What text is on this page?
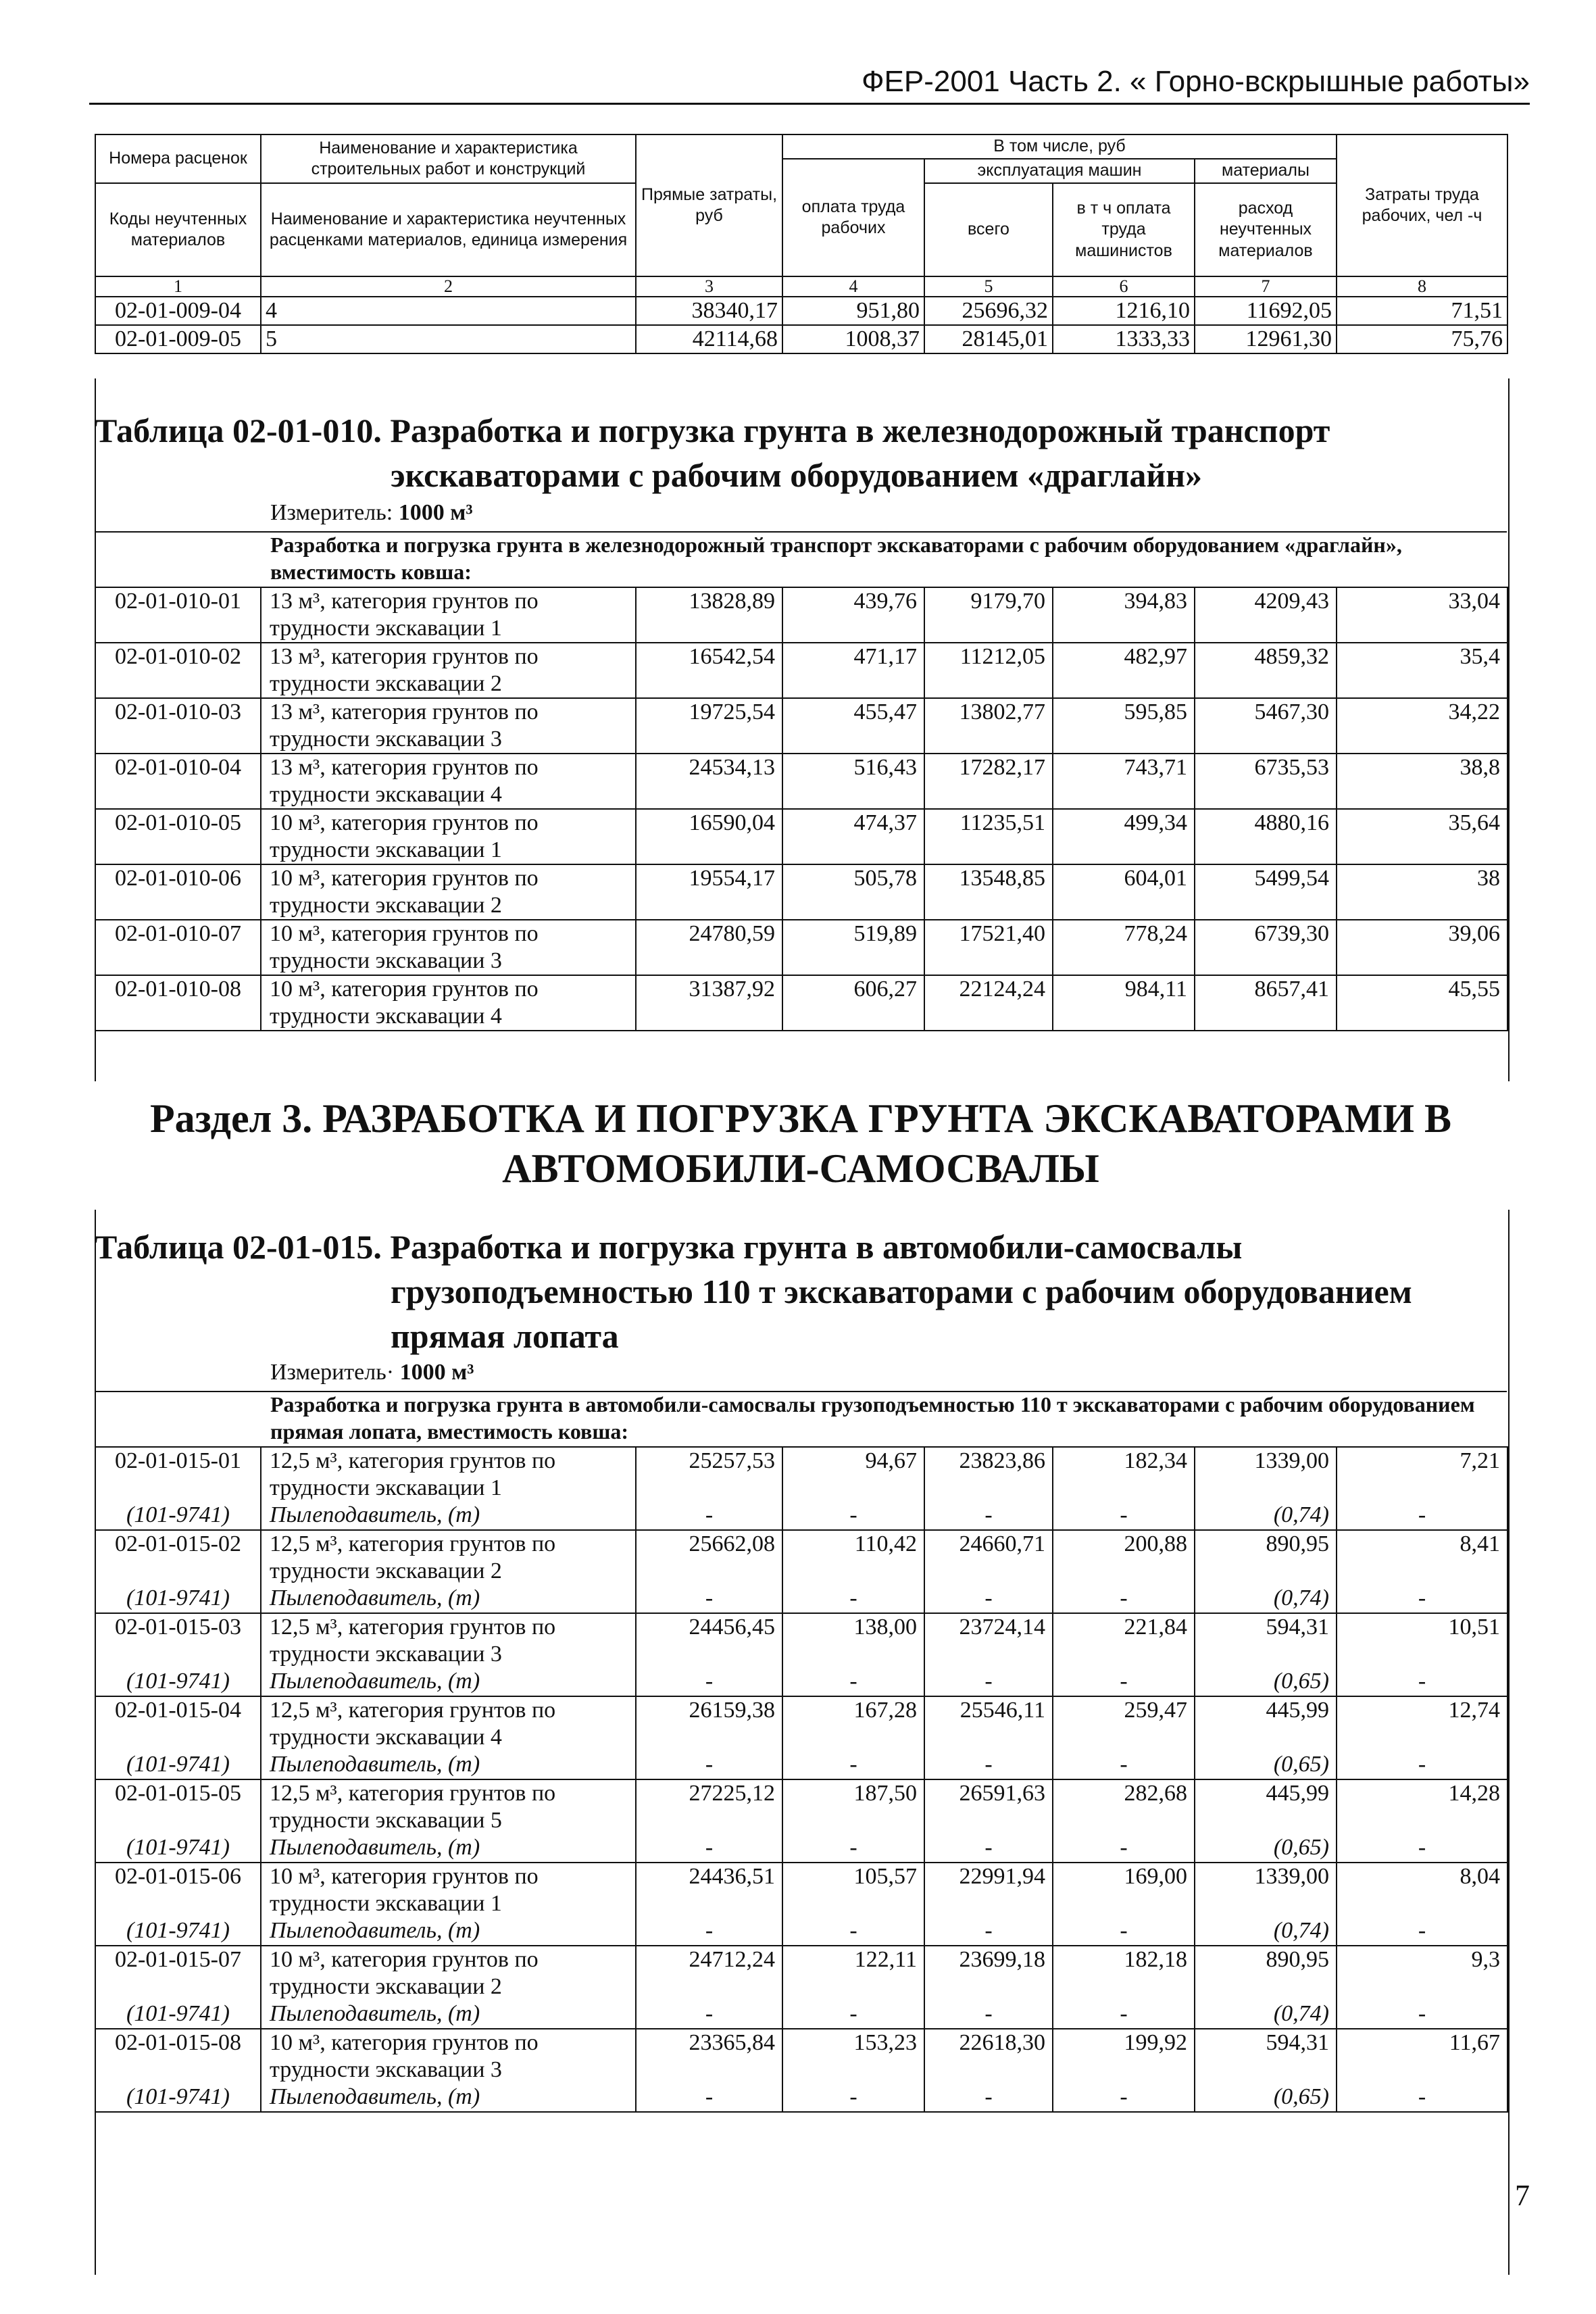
ФЕР-2001 Часть 2. « Горно-вскрышные работы»
Номера расценок	Наименование и характеристика строительных работ и конструкций	Прямые затраты, руб	В том числе, руб				Затраты труда рабочих, чел -ч
			оплата труда рабочих	эксплуатация машин		материалы	
Коды неучтенных материалов	Наименование и характеристика неучтенных расценками материалов, единица измерения			всего	в т ч оплата труда машинистов	расход неучтенных материалов	

1	2	3	4	5	6	7	8
02-01-009-04	4	38340,17	951,80	25696,32	1216,10	11692,05	71,51
02-01-009-05	5	42114,68	1008,37	28145,01	1333,33	12961,30	75,76
Таблица 02-01-010. Разработка и погрузка грунта в железнодорожный транспорт
экскаваторами с рабочим оборудованием «драглайн»
Измеритель: 1000 м³
Разработка и погрузка грунта в железнодорожный транспорт экскаваторами с рабочим оборудованием «драглайн», вместимость ковша:
02-01-010-01	13 м³, категория грунтов по трудности экскавации 1	13828,89	439,76	9179,70	394,83	4209,43	33,04
02-01-010-02	13 м³, категория грунтов по трудности экскавации 2	16542,54	471,17	11212,05	482,97	4859,32	35,4
02-01-010-03	13 м³, категория грунтов по трудности экскавации 3	19725,54	455,47	13802,77	595,85	5467,30	34,22
02-01-010-04	13 м³, категория грунтов по трудности экскавации 4	24534,13	516,43	17282,17	743,71	6735,53	38,8
02-01-010-05	10 м³, категория грунтов по трудности экскавации 1	16590,04	474,37	11235,51	499,34	4880,16	35,64
02-01-010-06	10 м³, категория грунтов по трудности экскавации 2	19554,17	505,78	13548,85	604,01	5499,54	38
02-01-010-07	10 м³, категория грунтов по трудности экскавации 3	24780,59	519,89	17521,40	778,24	6739,30	39,06
02-01-010-08	10 м³, категория грунтов по трудности экскавации 4	31387,92	606,27	22124,24	984,11	8657,41	45,55
Раздел 3. РАЗРАБОТКА И ПОГРУЗКА ГРУНТА ЭКСКАВАТОРАМИ В
АВТОМОБИЛИ-САМОСВАЛЫ
Таблица 02-01-015. Разработка и погрузка грунта в автомобили-самосвалы
грузоподъемностью 110 т экскаваторами с рабочим оборудованием
прямая лопата
Измеритель· 1000 м³
Разработка и погрузка грунта в автомобили-самосвалы грузоподъемностью 110 т экскаваторами с рабочим оборудованием прямая лопата, вместимость ковша:
02-01-015-01	12,5 м³, категория грунтов по трудности экскавации 1	25257,53	94,67	23823,86	182,34	1339,00	7,21
(101-9741)	Пылеподавитель, (т)	-	-	-	-	(0,74)	-
02-01-015-02	12,5 м³, категория грунтов по трудности экскавации 2	25662,08	110,42	24660,71	200,88	890,95	8,41
(101-9741)	Пылеподавитель, (т)	-	-	-	-	(0,74)	-
02-01-015-03	12,5 м³, категория грунтов по трудности экскавации 3	24456,45	138,00	23724,14	221,84	594,31	10,51
(101-9741)	Пылеподавитель, (т)	-	-	-	-	(0,65)	-
02-01-015-04	12,5 м³, категория грунтов по трудности экскавации 4	26159,38	167,28	25546,11	259,47	445,99	12,74
(101-9741)	Пылеподавитель, (т)	-	-	-	-	(0,65)	-
02-01-015-05	12,5 м³, категория грунтов по трудности экскавации 5	27225,12	187,50	26591,63	282,68	445,99	14,28
(101-9741)	Пылеподавитель, (т)	-	-	-	-	(0,65)	-
02-01-015-06	10 м³, категория грунтов по трудности экскавации 1	24436,51	105,57	22991,94	169,00	1339,00	8,04
(101-9741)	Пылеподавитель, (т)	-	-	-	-	(0,74)	-
02-01-015-07	10 м³, категория грунтов по трудности экскавации 2	24712,24	122,11	23699,18	182,18	890,95	9,3
(101-9741)	Пылеподавитель, (т)	-	-	-	-	(0,74)	-
02-01-015-08	10 м³, категория грунтов по трудности экскавации 3	23365,84	153,23	22618,30	199,92	594,31	11,67
(101-9741)	Пылеподавитель, (т)	-	-	-	-	(0,65)	-
7
